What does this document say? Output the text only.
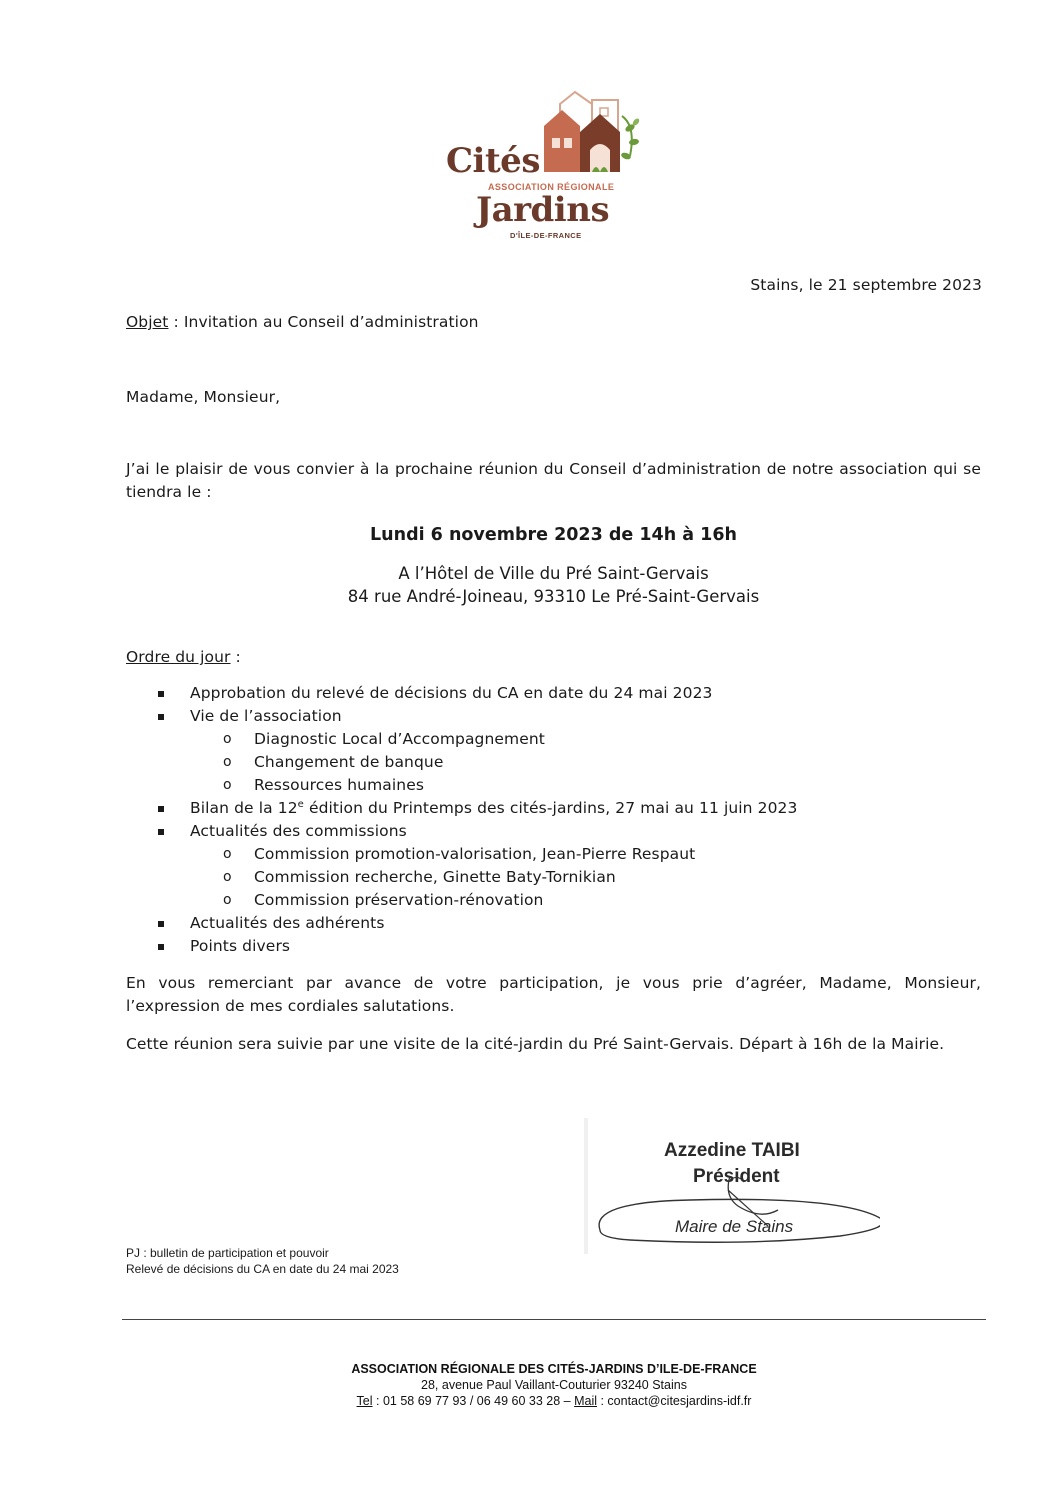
Cités
ASSOCIATION RÉGIONALE
Jardins
D'ÎLE-DE-FRANCE
Stains, le 21 septembre 2023
Objet : Invitation au Conseil d’administration
Madame, Monsieur,
J’ai le plaisir de vous convier à la prochaine réunion du Conseil d’administration de notre association qui se tiendra le :
Lundi 6 novembre 2023 de 14h à 16h
A l’Hôtel de Ville du Pré Saint-Gervais
84 rue André-Joineau, 93310 Le Pré-Saint-Gervais
Ordre du jour :
Approbation du relevé de décisions du CA en date du 24 mai 2023
Vie de l’association
o Diagnostic Local d’Accompagnement
o Changement de banque
o Ressources humaines
Bilan de la 12e édition du Printemps des cités-jardins, 27 mai au 11 juin 2023
Actualités des commissions
o Commission promotion-valorisation, Jean-Pierre Respaut
o Commission recherche, Ginette Baty-Tornikian
o Commission préservation-rénovation
Actualités des adhérents
Points divers
En vous remerciant par avance de votre participation, je vous prie d’agréer, Madame, Monsieur, l’expression de mes cordiales salutations.
Cette réunion sera suivie par une visite de la cité-jardin du Pré Saint-Gervais. Départ à 16h de la Mairie.
Azzedine TAIBI
Président
Maire de Stains
PJ : bulletin de participation et pouvoir
Relevé de décisions du CA en date du 24 mai 2023
ASSOCIATION RÉGIONALE DES CITÉS-JARDINS D’ILE-DE-FRANCE
28, avenue Paul Vaillant-Couturier 93240 Stains
Tel : 01 58 69 77 93 / 06 49 60 33 28 – Mail : contact@citesjardins-idf.fr
